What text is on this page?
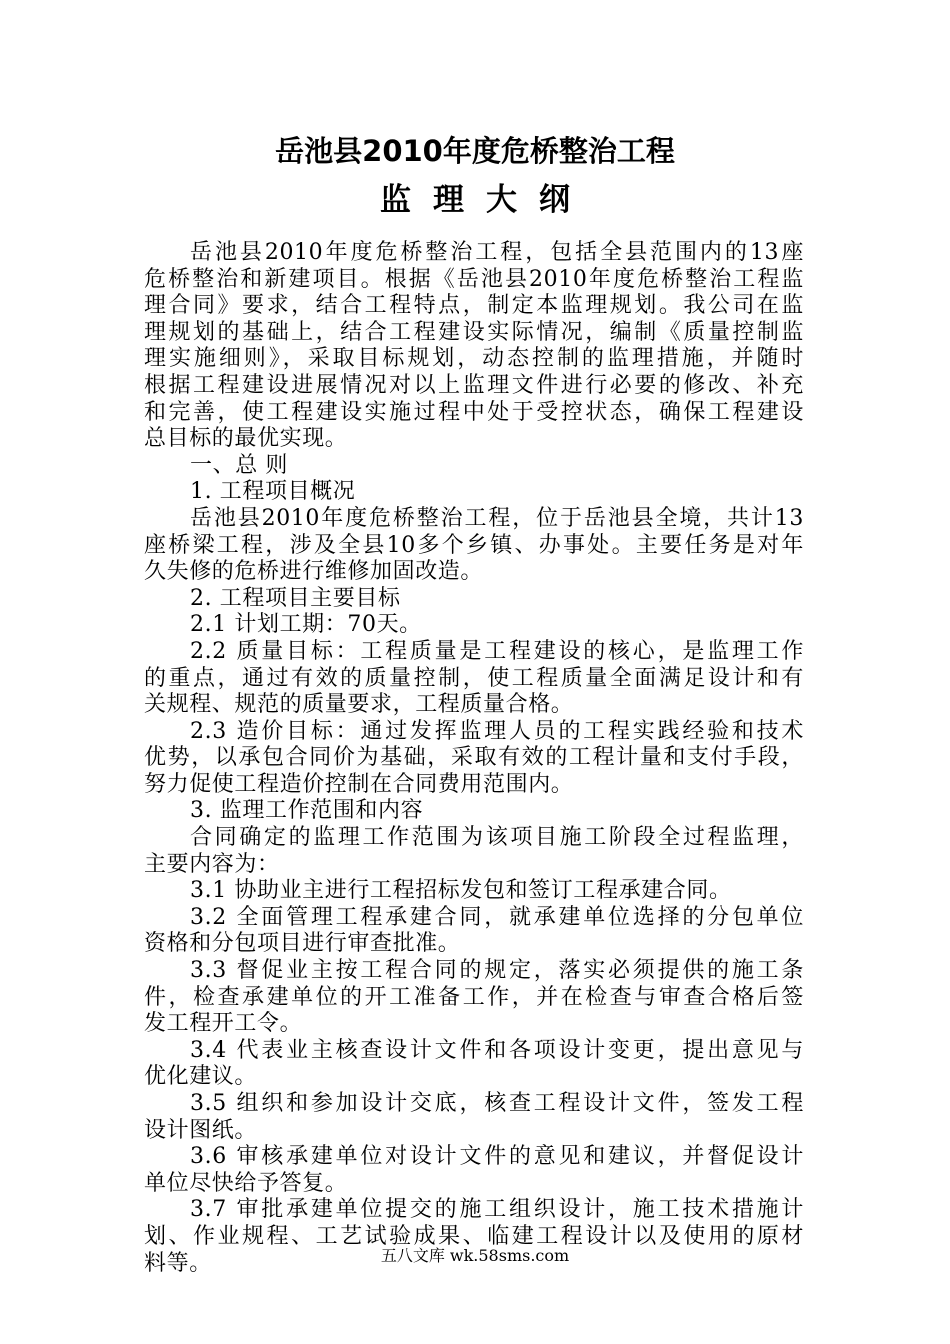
岳池县2010年度危桥整治工程
监理大纲
岳池县2010年度危桥整治工程，包括全县范围内的13座
危桥整治和新建项目。根据《岳池县2010年度危桥整治工程监
理合同》要求，结合工程特点，制定本监理规划。我公司在监
理规划的基础上，结合工程建设实际情况，编制《质量控制监
理实施细则》，采取目标规划，动态控制的监理措施，并随时
根据工程建设进展情况对以上监理文件进行必要的修改、补充
和完善，使工程建设实施过程中处于受控状态，确保工程建设
总目标的最优实现。
一、总 则
1. 工程项目概况
岳池县2010年度危桥整治工程，位于岳池县全境，共计13
座桥梁工程，涉及全县10多个乡镇、办事处。主要任务是对年
久失修的危桥进行维修加固改造。
2. 工程项目主要目标
2.1 计划工期：70天。
2.2 质量目标：工程质量是工程建设的核心，是监理工作
的重点，通过有效的质量控制，使工程质量全面满足设计和有
关规程、规范的质量要求，工程质量合格。
2.3 造价目标：通过发挥监理人员的工程实践经验和技术
优势，以承包合同价为基础，采取有效的工程计量和支付手段，
努力促使工程造价控制在合同费用范围内。
3. 监理工作范围和内容
合同确定的监理工作范围为该项目施工阶段全过程监理，
主要内容为：
3.1 协助业主进行工程招标发包和签订工程承建合同。
3.2 全面管理工程承建合同，就承建单位选择的分包单位
资格和分包项目进行审查批准。
3.3 督促业主按工程合同的规定，落实必须提供的施工条
件，检查承建单位的开工准备工作，并在检查与审查合格后签
发工程开工令。
3.4 代表业主核查设计文件和各项设计变更，提出意见与
优化建议。
3.5 组织和参加设计交底，核查工程设计文件，签发工程
设计图纸。
3.6 审核承建单位对设计文件的意见和建议，并督促设计
单位尽快给予答复。
3.7 审批承建单位提交的施工组织设计，施工技术措施计
划、作业规程、工艺试验成果、临建工程设计以及使用的原材
料等。	五八文库 wk.58sms.com
